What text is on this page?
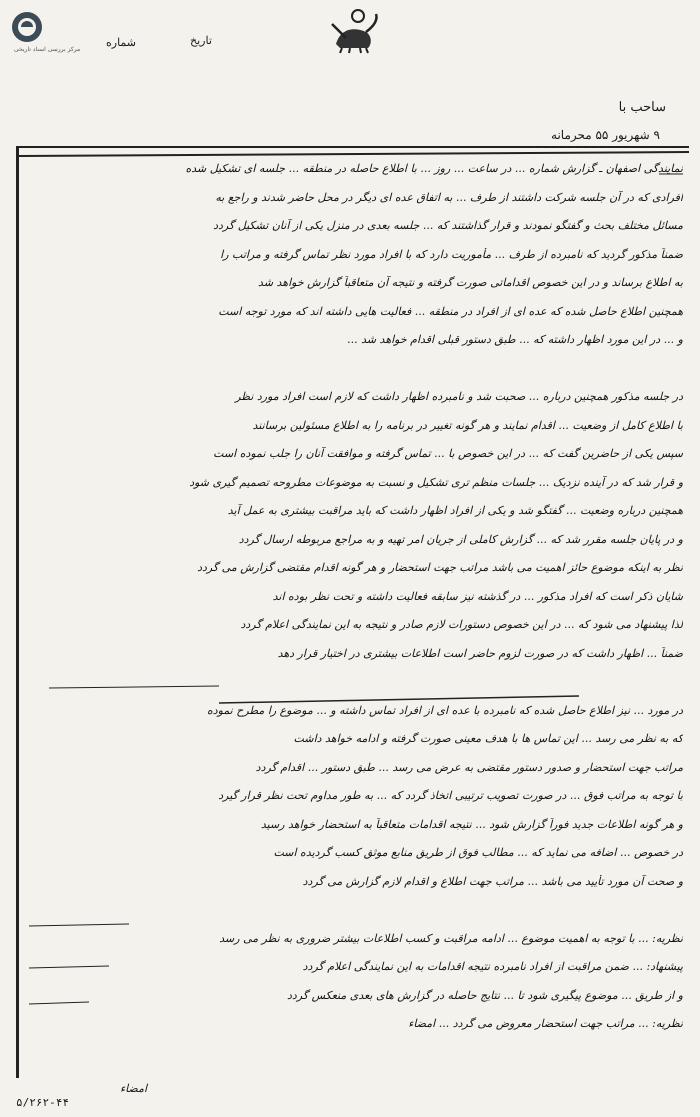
مرکز بررسی اسناد تاریخی
تاریخ
شماره
ساحب با
۹ شهریور ۵۵ محرمانه
نمایندگی اصفهان ـ گزارش شماره ... در ساعت ... روز ... با اطلاع حاصله در منطقه ... جلسه ای تشکیل شده
افرادی که در آن جلسه شرکت داشتند از طرف ... به اتفاق عده ای دیگر در محل حاضر شدند و راجع به
مسائل مختلف بحث و گفتگو نمودند و قرار گذاشتند که ... جلسه بعدی در منزل یکی از آنان تشکیل گردد
ضمناً مذکور گردید که نامبرده از طرف ... مأموریت دارد که با افراد مورد نظر تماس گرفته و مراتب را
به اطلاع برساند و در این خصوص اقداماتی صورت گرفته و نتیجه آن متعاقباً گزارش خواهد شد
همچنین اطلاع حاصل شده که عده ای از افراد در منطقه ... فعالیت هایی داشته اند که مورد توجه است
و ... در این مورد اظهار داشته که ... طبق دستور قبلی اقدام خواهد شد ...
در جلسه مذکور همچنین درباره ... صحبت شد و نامبرده اظهار داشت که لازم است افراد مورد نظر
با اطلاع کامل از وضعیت ... اقدام نمایند و هر گونه تغییر در برنامه را به اطلاع مسئولین برسانند
سپس یکی از حاضرین گفت که ... در این خصوص با ... تماس گرفته و موافقت آنان را جلب نموده است
و قرار شد که در آینده نزدیک ... جلسات منظم تری تشکیل و نسبت به موضوعات مطروحه تصمیم گیری شود
همچنین درباره وضعیت ... گفتگو شد و یکی از افراد اظهار داشت که باید مراقبت بیشتری به عمل آید
و در پایان جلسه مقرر شد که ... گزارش کاملی از جریان امر تهیه و به مراجع مربوطه ارسال گردد
نظر به اینکه موضوع حائز اهمیت می باشد مراتب جهت استحضار و هر گونه اقدام مقتضی گزارش می گردد
شایان ذکر است که افراد مذکور ... در گذشته نیز سابقه فعالیت داشته و تحت نظر بوده اند
لذا پیشنهاد می شود که ... در این خصوص دستورات لازم صادر و نتیجه به این نمایندگی اعلام گردد
ضمناً ... اظهار داشت که در صورت لزوم حاضر است اطلاعات بیشتری در اختیار قرار دهد
در مورد ... نیز اطلاع حاصل شده که نامبرده با عده ای از افراد تماس داشته و ... موضوع را مطرح نموده
که به نظر می رسد ... این تماس ها با هدف معینی صورت گرفته و ادامه خواهد داشت
مراتب جهت استحضار و صدور دستور مقتضی به عرض می رسد ... طبق دستور ... اقدام گردد
با توجه به مراتب فوق ... در صورت تصویب ترتیبی اتخاذ گردد که ... به طور مداوم تحت نظر قرار گیرد
و هر گونه اطلاعات جدید فوراً گزارش شود ... نتیجه اقدامات متعاقباً به استحضار خواهد رسید
در خصوص ... اضافه می نماید که ... مطالب فوق از طریق منابع موثق کسب گردیده است
و صحت آن مورد تأیید می باشد ... مراتب جهت اطلاع و اقدام لازم گزارش می گردد
نظریه: ... با توجه به اهمیت موضوع ... ادامه مراقبت و کسب اطلاعات بیشتر ضروری به نظر می رسد
پیشنهاد: ... ضمن مراقبت از افراد نامبرده نتیجه اقدامات به این نمایندگی اعلام گردد
و از طریق ... موضوع پیگیری شود تا ... نتایج حاصله در گزارش های بعدی منعکس گردد
نظریه: ... مراتب جهت استحضار معروض می گردد ... امضاء
امضاء
۵/۲۶۲-۴۴
